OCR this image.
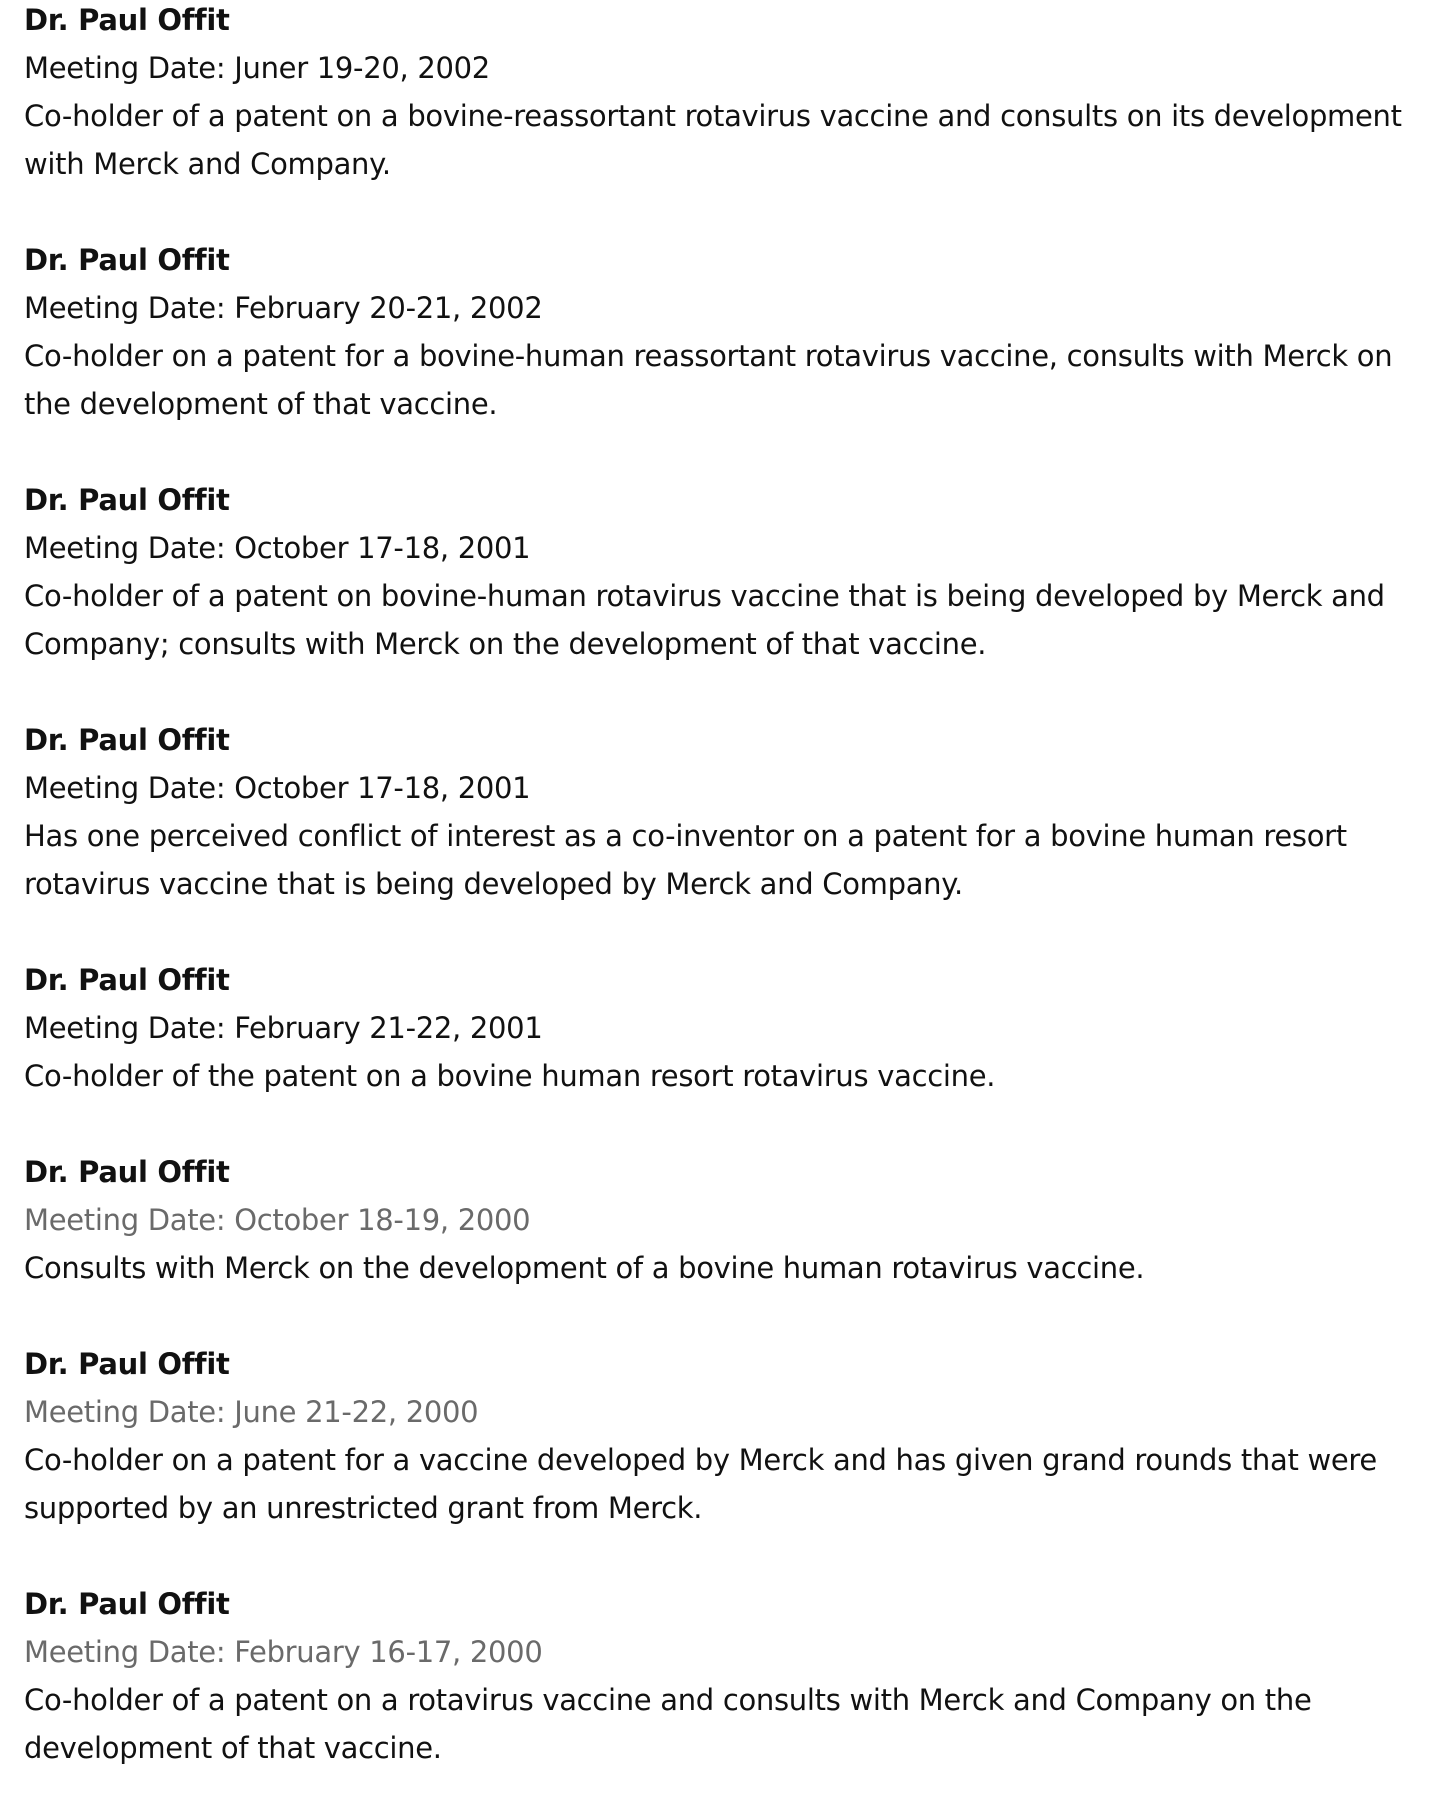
Dr. Paul Offit
Meeting Date: Juner 19-20, 2002
Co-holder of a patent on a bovine-reassortant rotavirus vaccine and consults on its development with Merck and Company.
Dr. Paul Offit
Meeting Date: February 20-21, 2002
Co-holder on a patent for a bovine-human reassortant rotavirus vaccine, consults with Merck on the development of that vaccine.
Dr. Paul Offit
Meeting Date: October 17-18, 2001
Co-holder of a patent on bovine-human rotavirus vaccine that is being developed by Merck and Company; consults with Merck on the development of that vaccine.
Dr. Paul Offit
Meeting Date: October 17-18, 2001
Has one perceived conflict of interest as a co-inventor on a patent for a bovine human resort rotavirus vaccine that is being developed by Merck and Company.
Dr. Paul Offit
Meeting Date: February 21-22, 2001
Co-holder of the patent on a bovine human resort rotavirus vaccine.
Dr. Paul Offit
Meeting Date: October 18-19, 2000
Consults with Merck on the development of a bovine human rotavirus vaccine.
Dr. Paul Offit
Meeting Date: June 21-22, 2000
Co-holder on a patent for a vaccine developed by Merck and has given grand rounds that were supported by an unrestricted grant from Merck.
Dr. Paul Offit
Meeting Date: February 16-17, 2000
Co-holder of a patent on a rotavirus vaccine and consults with Merck and Company on the development of that vaccine.
